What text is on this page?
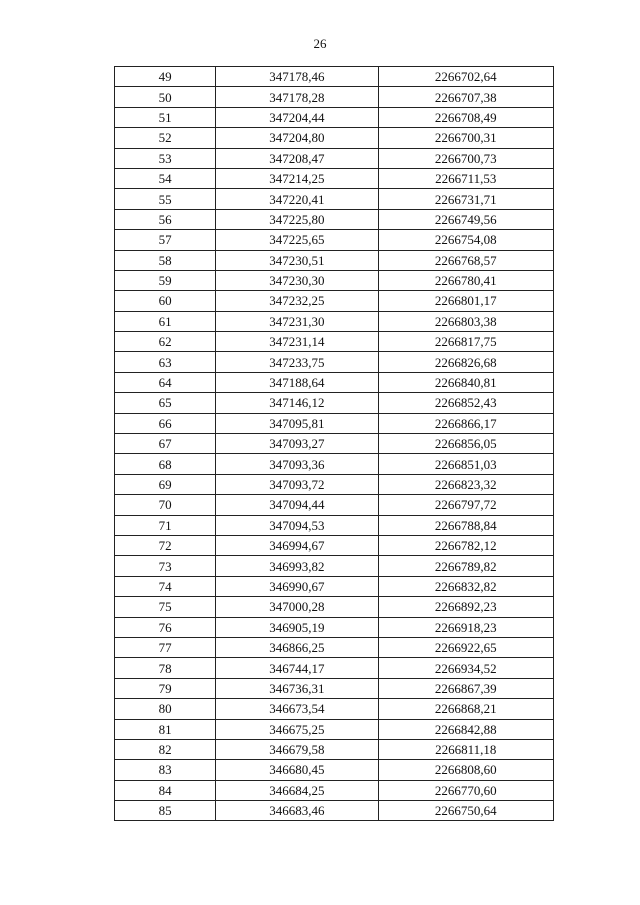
26
49	347178,46	2266702,64
50	347178,28	2266707,38
51	347204,44	2266708,49
52	347204,80	2266700,31
53	347208,47	2266700,73
54	347214,25	2266711,53
55	347220,41	2266731,71
56	347225,80	2266749,56
57	347225,65	2266754,08
58	347230,51	2266768,57
59	347230,30	2266780,41
60	347232,25	2266801,17
61	347231,30	2266803,38
62	347231,14	2266817,75
63	347233,75	2266826,68
64	347188,64	2266840,81
65	347146,12	2266852,43
66	347095,81	2266866,17
67	347093,27	2266856,05
68	347093,36	2266851,03
69	347093,72	2266823,32
70	347094,44	2266797,72
71	347094,53	2266788,84
72	346994,67	2266782,12
73	346993,82	2266789,82
74	346990,67	2266832,82
75	347000,28	2266892,23
76	346905,19	2266918,23
77	346866,25	2266922,65
78	346744,17	2266934,52
79	346736,31	2266867,39
80	346673,54	2266868,21
81	346675,25	2266842,88
82	346679,58	2266811,18
83	346680,45	2266808,60
84	346684,25	2266770,60
85	346683,46	2266750,64
